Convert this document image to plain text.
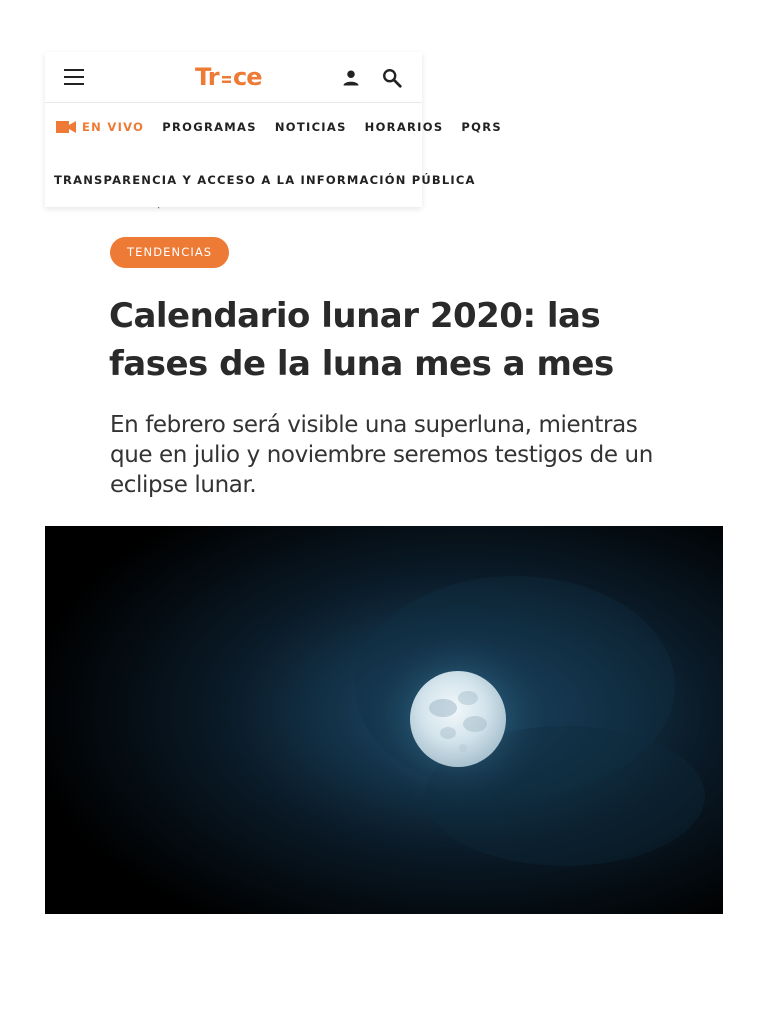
Tr ce
EN VIVO PROGRAMAS NOTICIAS HORARIOS PQRS
TRANSPARENCIA Y ACCESO A LA INFORMACIÓN PÚBLICA
TENDENCIAS
Calendario lunar 2020: las fases de la luna mes a mes

En febrero será visible una superluna, mientras que en julio y noviembre seremos testigos de un eclipse lunar.
